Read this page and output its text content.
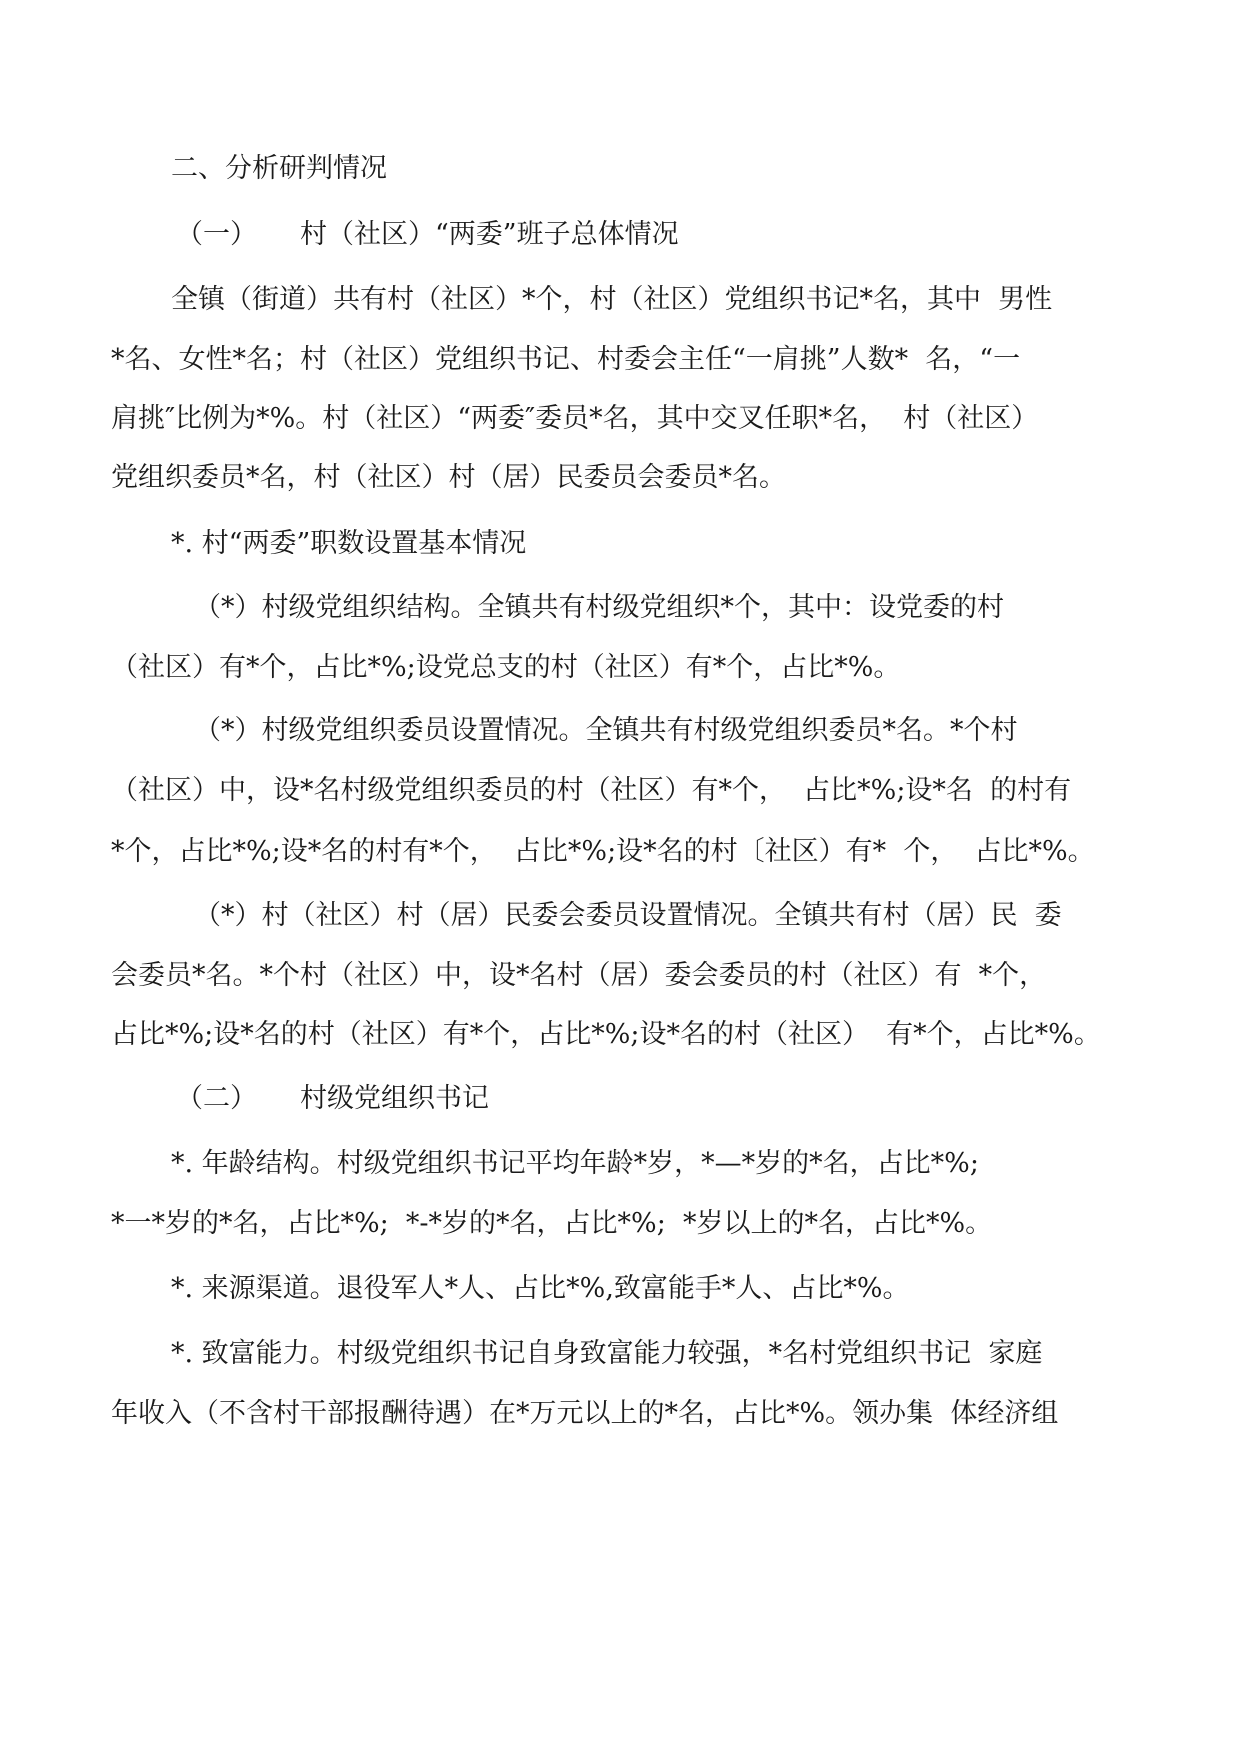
二、分析研判情况
（一） 村（社区）“两委”班子总体情况
全镇（街道）共有村（社区）*个，村（社区）党组织书记*名，其中  男性
*名、女性*名；村（社区）党组织书记、村委会主任“一肩挑”人数*  名，“一
肩挑″比例为*%。村（社区）“两委″委员*名，其中交叉任职*名，  村（社区）
党组织委员*名，村（社区）村（居）民委员会委员*名。
*. 村“两委”职数设置基本情况
（*）村级党组织结构。全镇共有村级党组织*个，其中：设党委的村
（社区）有*个，占比*%;设党总支的村（社区）有*个，占比*%。
（*）村级党组织委员设置情况。全镇共有村级党组织委员*名。*个村
（社区）中，设*名村级党组织委员的村（社区）有*个，  占比*%;设*名  的村有
*个，占比*%;设*名的村有*个，  占比*%;设*名的村〔社区）有*  个，  占比*%。
（*）村（社区）村（居）民委会委员设置情况。全镇共有村（居）民  委
会委员*名。*个村（社区）中，设*名村（居）委会委员的村（社区）有  *个，
占比*%;设*名的村（社区）有*个，占比*%;设*名的村（社区）  有*个，占比*%。
（二） 村级党组织书记
*. 年龄结构。村级党组织书记平均年龄*岁，*—*岁的*名，占比*%;
*一*岁的*名，占比*%;  *-*岁的*名，占比*%;  *岁以上的*名，占比*%。
*. 来源渠道。退役军人*人、占比*%,致富能手*人、占比*%。
*. 致富能力。村级党组织书记自身致富能力较强，*名村党组织书记  家庭
年收入（不含村干部报酬待遇）在*万元以上的*名，占比*%。领办集  体经济组
